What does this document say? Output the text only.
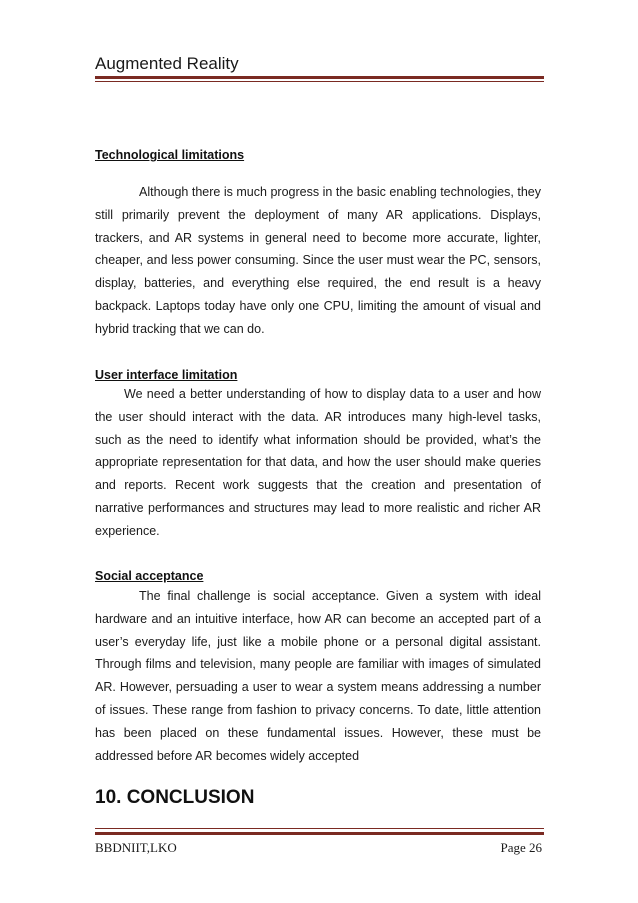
Augmented Reality
Technological limitations

Although there is much progress in the basic enabling technologies, they still primarily prevent the deployment of many AR applications. Displays, trackers, and AR systems in general need to become more accurate, lighter, cheaper, and less power consuming. Since the user must wear the PC, sensors, display, batteries, and everything else required, the end result is a heavy backpack. Laptops today have only one CPU, limiting the amount of visual and hybrid tracking that we can do.

User interface limitation

We need a better understanding of how to display data to a user and how the user should interact with the data. AR introduces many high-level tasks, such as the need to identify what information should be provided, what’s the appropriate representation for that data, and how the user should make queries and reports. Recent work suggests that the creation and presentation of narrative performances and structures may lead to more realistic and richer AR experience.

Social acceptance

The final challenge is social acceptance. Given a system with ideal hardware and an intuitive interface, how AR can become an accepted part of a user’s everyday life, just like a mobile phone or a personal digital assistant. Through films and television, many people are familiar with images of simulated AR. However, persuading a user to wear a system means addressing a number of issues. These range from fashion to privacy concerns. To date, little attention has been placed on these fundamental issues. However, these must be addressed before AR becomes widely accepted

10. CONCLUSION
BBDNIIT,LKO	Page 26
